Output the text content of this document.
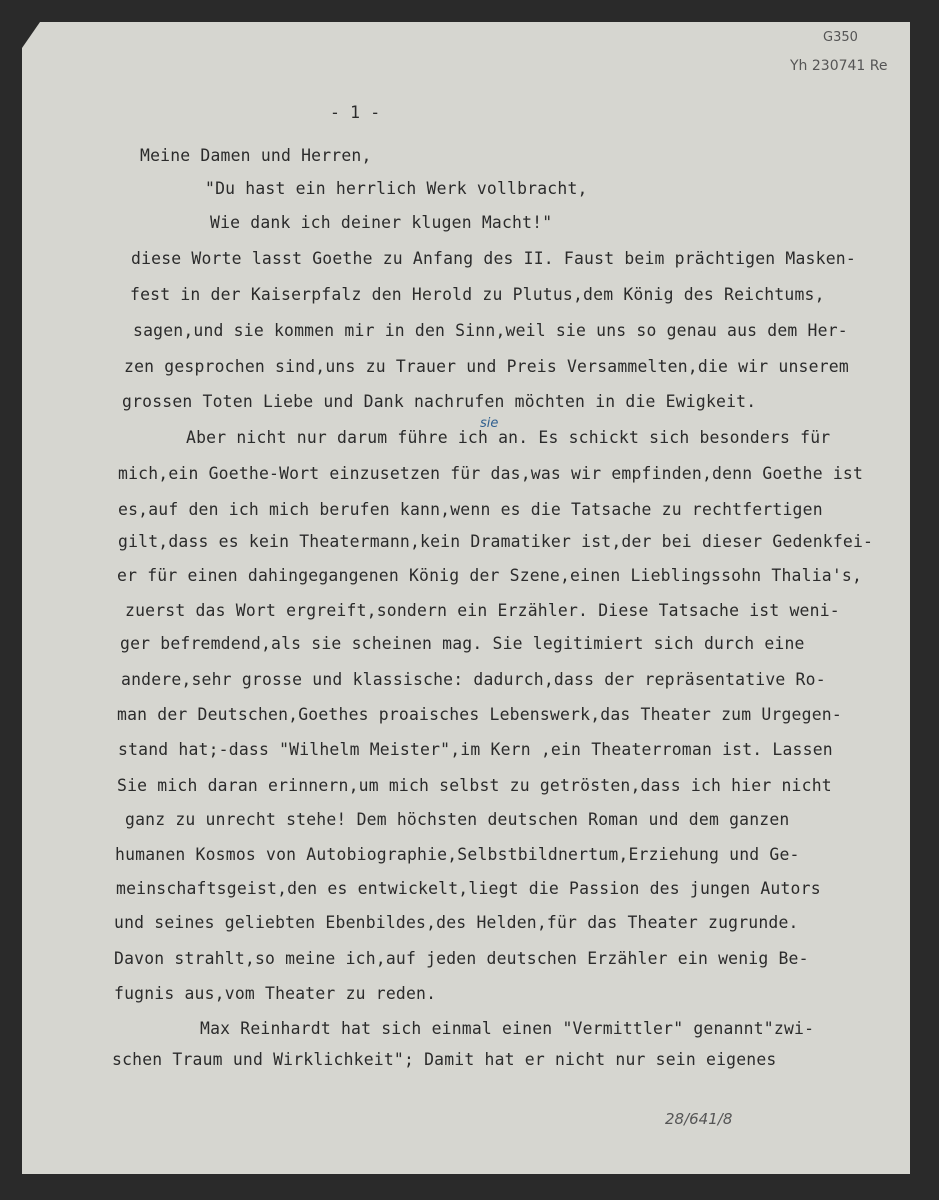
G350
Yh 230741 Re
- 1 -
Meine Damen und Herren,
"Du hast ein herrlich Werk vollbracht,
Wie dank ich deiner klugen Macht!"
diese Worte lasst Goethe zu Anfang des II. Faust beim prächtigen Masken-
fest in der Kaiserpfalz den Herold zu Plutus,dem König des Reichtums,
sagen,und sie kommen mir in den Sinn,weil sie uns so genau aus dem Her-
zen gesprochen sind,uns zu Trauer und Preis Versammelten,die wir unserem
grossen Toten Liebe und Dank nachrufen möchten in die Ewigkeit.
sie
Aber nicht nur darum führe ich an. Es schickt sich besonders für
mich,ein Goethe-Wort einzusetzen für das,was wir empfinden,denn Goethe ist
es,auf den ich mich berufen kann,wenn es die Tatsache zu rechtfertigen
gilt,dass es kein Theatermann,kein Dramatiker ist,der bei dieser Gedenkfei-
er für einen dahingegangenen König der Szene,einen Lieblingssohn Thalia's,
zuerst das Wort ergreift,sondern ein Erzähler. Diese Tatsache ist weni-
ger befremdend,als sie scheinen mag. Sie legitimiert sich durch eine
andere,sehr grosse und klassische: dadurch,dass der repräsentative Ro-
man der Deutschen,Goethes proaisches Lebenswerk,das Theater zum Urgegen-
stand hat;-dass "Wilhelm Meister",im Kern ,ein Theaterroman ist. Lassen
Sie mich daran erinnern,um mich selbst zu getrösten,dass ich hier nicht
ganz zu unrecht stehe! Dem höchsten deutschen Roman und dem ganzen
humanen Kosmos von Autobiographie,Selbstbildnertum,Erziehung und Ge-
meinschaftsgeist,den es entwickelt,liegt die Passion des jungen Autors
und seines geliebten Ebenbildes,des Helden,für das Theater zugrunde.
Davon strahlt,so meine ich,auf jeden deutschen Erzähler ein wenig Be-
fugnis aus,vom Theater zu reden.
Max Reinhardt hat sich einmal einen "Vermittler" genannt"zwi-
schen Traum und Wirklichkeit"; Damit hat er nicht nur sein eigenes
28/641/8
